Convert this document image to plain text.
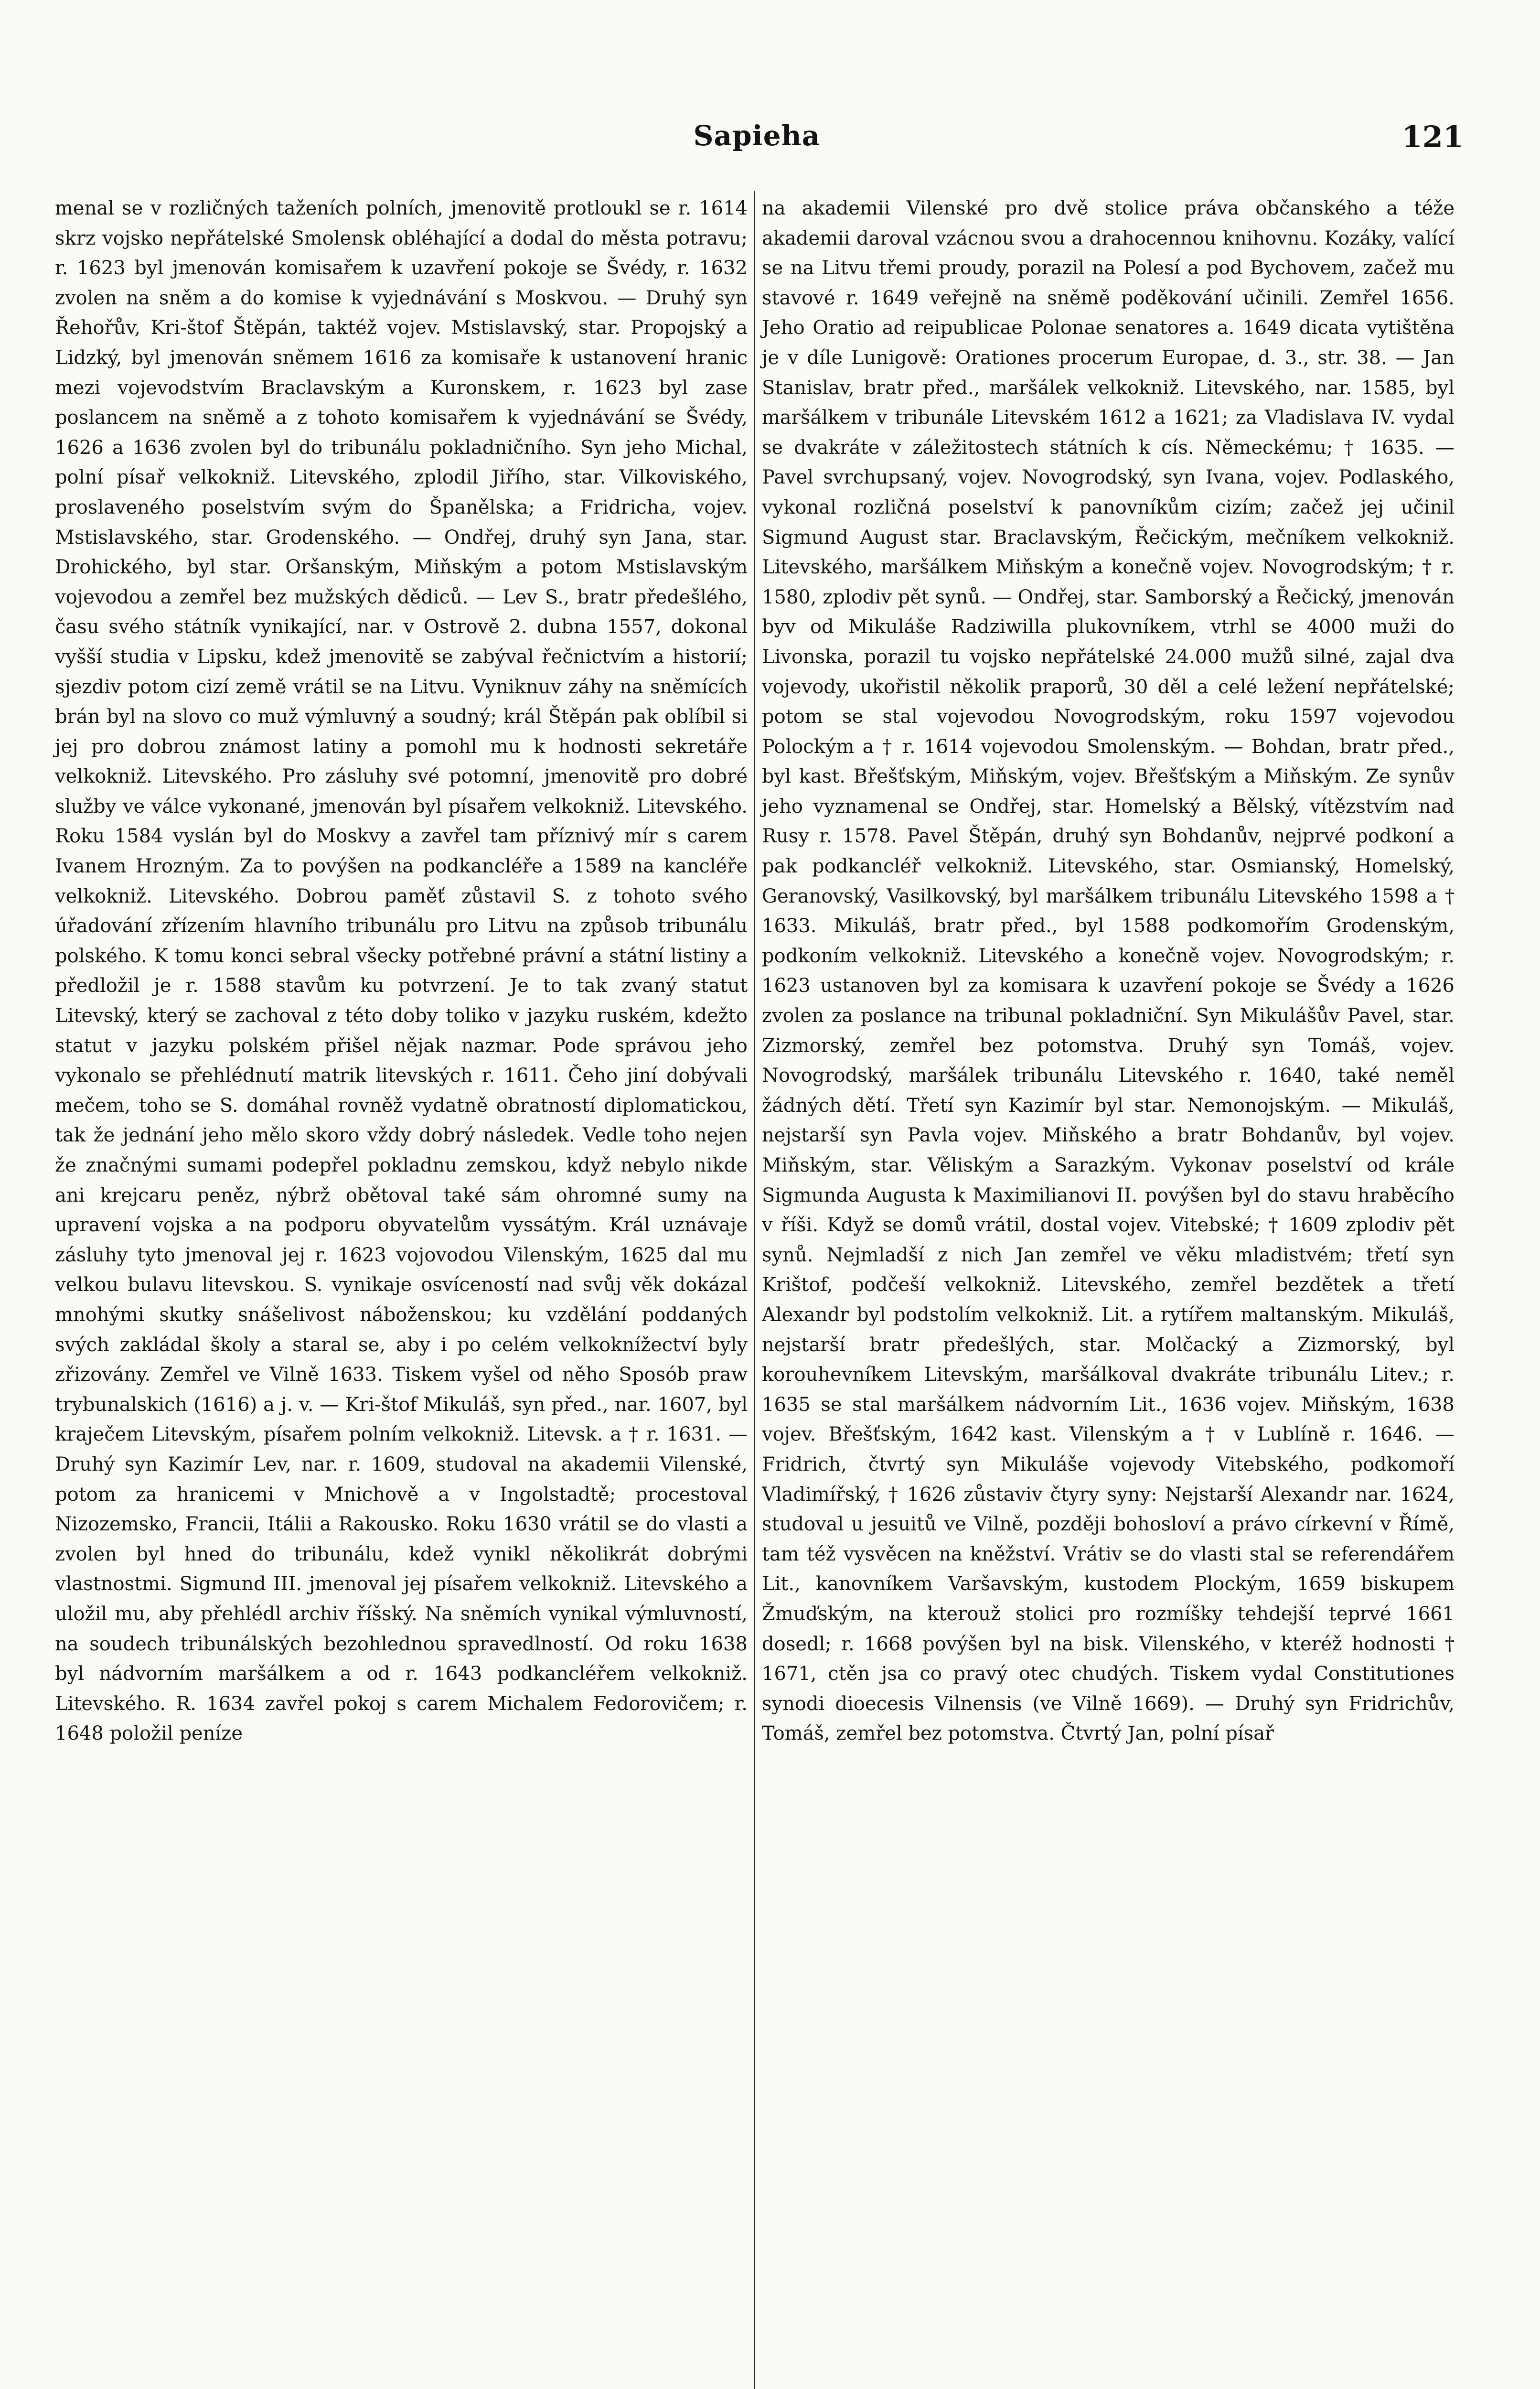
Sapieha	121

menal se v rozličných taženích polních, jmenovitě protloukl se r. 1614 skrz vojsko nepřátelské Smolensk obléhající a dodal do města potravu; r. 1623 byl jmenován komisařem k uzavření pokoje se Švédy, r. 1632 zvolen na sněm a do komise k vyjednávání s Moskvou. — Druhý syn Řehořův, Kri-štof Štěpán, taktéž vojev. Mstislavský, star. Propojský a Lidzký, byl jmenován sněmem 1616 za komisaře k ustanovení hranic mezi vojevodstvím Braclavským a Kuronskem, r. 1623 byl zase poslancem na sněmě a z tohoto komisařem k vyjednávání se Švédy, 1626 a 1636 zvolen byl do tribunálu pokladničního. Syn jeho Michal, polní písař velkokniž. Litevského, zplodil Jiřího, star. Vilkoviského, proslaveného poselstvím svým do Španělska; a Fridricha, vojev. Mstislavského, star. Grodenského. — Ondřej, druhý syn Jana, star. Drohického, byl star. Oršanským, Miňským a potom Mstislavským vojevodou a zemřel bez mužských dědiců. — Lev S., bratr předešlého, času svého státník vynikající, nar. v Ostrově 2. dubna 1557, dokonal vyšší studia v Lipsku, kdež jmenovitě se zabýval řečnictvím a historií; sjezdiv potom cizí země vrátil se na Litvu. Vyniknuv záhy na sněmících brán byl na slovo co muž výmluvný a soudný; král Štěpán pak oblíbil si jej pro dobrou známost latiny a pomohl mu k hodnosti sekretáře velkokniž. Litevského. Pro zásluhy své potomní, jmenovitě pro dobré služby ve válce vykonané, jmenován byl písařem velkokniž. Litevského. Roku 1584 vyslán byl do Moskvy a zavřel tam příznivý mír s carem Ivanem Hrozným. Za to povýšen na podkancléře a 1589 na kancléře velkokniž. Litevského. Dobrou paměť zůstavil S. z tohoto svého úřadování zřízením hlavního tribunálu pro Litvu na způsob tribunálu polského. K tomu konci sebral všecky potřebné právní a státní listiny a předložil je r. 1588 stavům ku potvrzení. Je to tak zvaný statut Litevský, který se zachoval z této doby toliko v jazyku ruském, kdežto statut v jazyku polském přišel nějak nazmar. Pode správou jeho vykonalo se přehlédnutí matrik litevských r. 1611. Čeho jiní dobývali mečem, toho se S. domáhal rovněž vydatně obratností diplomatickou, tak že jednání jeho mělo skoro vždy dobrý následek. Vedle toho nejen že značnými sumami podepřel pokladnu zemskou, když nebylo nikde ani krejcaru peněz, nýbrž obětoval také sám ohromné sumy na upravení vojska a na podporu obyvatelům vyssátým. Král uznávaje zásluhy tyto jmenoval jej r. 1623 vojovodou Vilenským, 1625 dal mu velkou bulavu litevskou. S. vynikaje osvíceností nad svůj věk dokázal mnohými skutky snášelivost náboženskou; ku vzdělání poddaných svých zakládal školy a staral se, aby i po celém velkoknížectví byly zřizovány. Zemřel ve Vilně 1633. Tiskem vyšel od něho Sposób praw trybunalskich (1616) a j. v. — Kri-štof Mikuláš, syn před., nar. 1607, byl kraječem Litevským, písařem polním velkokniž. Litevsk. a † r. 1631. — Druhý syn Kazimír Lev, nar. r. 1609, studoval na akademii Vilenské, potom za hranicemi v Mnichově a v Ingolstadtě; procestoval Nizozemsko, Francii, Itálii a Rakousko. Roku 1630 vrátil se do vlasti a zvolen byl hned do tribunálu, kdež vynikl několikrát dobrými vlastnostmi. Sigmund III. jmenoval jej písařem velkokniž. Litevského a uložil mu, aby přehlédl archiv říšský. Na sněmích vynikal výmluvností, na soudech tribunálských bezohlednou spravedlností. Od roku 1638 byl nádvorním maršálkem a od r. 1643 podkancléřem velkokniž. Litevského. R. 1634 zavřel pokoj s carem Michalem Fedorovičem; r. 1648 položil peníze

na akademii Vilenské pro dvě stolice práva občanského a téže akademii daroval vzácnou svou a drahocennou knihovnu. Kozáky, valící se na Litvu třemi proudy, porazil na Polesí a pod Bychovem, začež mu stavové r. 1649 veřejně na sněmě poděkování učinili. Zemřel 1656. Jeho Oratio ad reipublicae Polonae senatores a. 1649 dicata vytištěna je v díle Lunigově: Orationes procerum Europae, d. 3., str. 38. — Jan Stanislav, bratr před., maršálek velkokniž. Litevského, nar. 1585, byl maršálkem v tribunále Litevském 1612 a 1621; za Vladislava IV. vydal se dvakráte v záležitostech státních k cís. Německému; † 1635. — Pavel svrchupsaný, vojev. Novogrodský, syn Ivana, vojev. Podlaského, vykonal rozličná poselství k panovníkům cizím; začež jej učinil Sigmund August star. Braclavským, Řečickým, mečníkem velkokniž. Litevského, maršálkem Miňským a konečně vojev. Novogrodským; † r. 1580, zplodiv pět synů. — Ondřej, star. Samborský a Řečický, jmenován byv od Mikuláše Radziwilla plukovníkem, vtrhl se 4000 muži do Livonska, porazil tu vojsko nepřátelské 24.000 mužů silné, zajal dva vojevody, ukořistil několik praporů, 30 děl a celé ležení nepřátelské; potom se stal vojevodou Novogrodským, roku 1597 vojevodou Polockým a † r. 1614 vojevodou Smolenským. — Bohdan, bratr před., byl kast. Břešťským, Miňským, vojev. Břešťským a Miňským. Ze synův jeho vyznamenal se Ondřej, star. Homelský a Bělský, vítězstvím nad Rusy r. 1578. Pavel Štěpán, druhý syn Bohdanův, nejprvé podkoní a pak podkancléř velkokniž. Litevského, star. Osmianský, Homelský, Geranovský, Vasilkovský, byl maršálkem tribunálu Litevského 1598 a † 1633. Mikuláš, bratr před., byl 1588 podkomořím Grodenským, podkoním velkokniž. Litevského a konečně vojev. Novogrodským; r. 1623 ustanoven byl za komisara k uzavření pokoje se Švédy a 1626 zvolen za poslance na tribunal pokladniční. Syn Mikulášův Pavel, star. Zizmorský, zemřel bez potomstva. Druhý syn Tomáš, vojev. Novogrodský, maršálek tribunálu Litevského r. 1640, také neměl žádných dětí. Třetí syn Kazimír byl star. Nemonojským. — Mikuláš, nejstarší syn Pavla vojev. Miňského a bratr Bohdanův, byl vojev. Miňským, star. Věliským a Sarazkým. Vykonav poselství od krále Sigmunda Augusta k Maximilianovi II. povýšen byl do stavu hraběcího v říši. Když se domů vrátil, dostal vojev. Vitebské; † 1609 zplodiv pět synů. Nejmladší z nich Jan zemřel ve věku mladistvém; třetí syn Krištof, podčeší velkokniž. Litevského, zemřel bezdětek a třetí Alexandr byl podstolím velkokniž. Lit. a rytířem maltanským. Mikuláš, nejstarší bratr předešlých, star. Molčacký a Zizmorský, byl korouhevníkem Litevským, maršálkoval dvakráte tribunálu Litev.; r. 1635 se stal maršálkem nádvorním Lit., 1636 vojev. Miňským, 1638 vojev. Břešťským, 1642 kast. Vilenským a † v Lublíně r. 1646. — Fridrich, čtvrtý syn Mikuláše vojevody Vitebského, podkomoří Vladimířský, † 1626 zůstaviv čtyry syny: Nejstarší Alexandr nar. 1624, studoval u jesuitů ve Vilně, později bohosloví a právo církevní v Římě, tam též vysvěcen na kněžství. Vrátiv se do vlasti stal se referendářem Lit., kanovníkem Varšavským, kustodem Plockým, 1659 biskupem Žmuďským, na kterouž stolici pro rozmíšky tehdejší teprvé 1661 dosedl; r. 1668 povýšen byl na bisk. Vilenského, v kteréž hodnosti † 1671, ctěn jsa co pravý otec chudých. Tiskem vydal Constitutiones synodi dioecesis Vilnensis (ve Vilně 1669). — Druhý syn Fridrichův, Tomáš, zemřel bez potomstva. Čtvrtý Jan, polní písař
